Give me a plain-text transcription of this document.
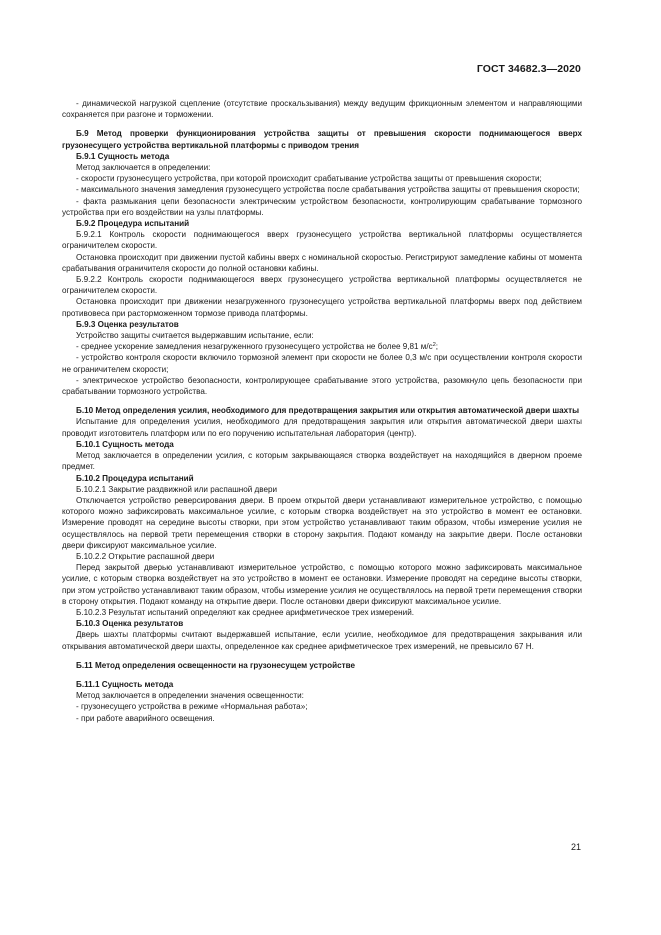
ГОСТ 34682.3—2020

- динамической нагрузкой сцепление (отсутствие проскальзывания) между ведущим фрикционным элементом и направляющими сохраняется при разгоне и торможении.

Б.9 Метод проверки функционирования устройства защиты от превышения скорости поднимающегося вверх грузонесущего устройства вертикальной платформы с приводом трения

Б.9.1 Сущность метода

Метод заключается в определении:

- скорости грузонесущего устройства, при которой происходит срабатывание устройства защиты от превышения скорости;

- максимального значения замедления грузонесущего устройства после срабатывания устройства защиты от превышения скорости;

- факта размыкания цепи безопасности электрическим устройством безопасности, контролирующим срабатывание тормозного устройства при его воздействии на узлы платформы.

Б.9.2 Процедура испытаний

Б.9.2.1 Контроль скорости поднимающегося вверх грузонесущего устройства вертикальной платформы осуществляется ограничителем скорости.

Остановка происходит при движении пустой кабины вверх с номинальной скоростью. Регистрируют замедление кабины от момента срабатывания ограничителя скорости до полной остановки кабины.

Б.9.2.2 Контроль скорости поднимающегося вверх грузонесущего устройства вертикальной платформы осуществляется не ограничителем скорости.

Остановка происходит при движении незагруженного грузонесущего устройства вертикальной платформы вверх под действием противовеса при расторможенном тормозе привода платформы.

Б.9.3 Оценка результатов

Устройство защиты считается выдержавшим испытание, если:

- среднее ускорение замедления незагруженного грузонесущего устройства не более 9,81 $м/с^2$;

- устройство контроля скорости включило тормозной элемент при скорости не более 0,3 м/с при осуществлении контроля скорости не ограничителем скорости;

- электрическое устройство безопасности, контролирующее срабатывание этого устройства, разомкнуло цепь безопасности при срабатывании тормозного устройства.

Б.10 Метод определения усилия, необходимого для предотвращения закрытия или открытия автоматической двери шахты

Испытание для определения усилия, необходимого для предотвращения закрытия или открытия автоматической двери шахты проводит изготовитель платформ или по его поручению испытательная лаборатория (центр).

Б.10.1 Сущность метода

Метод заключается в определении усилия, с которым закрывающаяся створка воздействует на находящийся в дверном проеме предмет.

Б.10.2 Процедура испытаний

Б.10.2.1 Закрытие раздвижной или распашной двери

Отключается устройство реверсирования двери. В проем открытой двери устанавливают измерительное устройство, с помощью которого можно зафиксировать максимальное усилие, с которым створка воздействует на это устройство в момент ее остановки. Измерение проводят на середине высоты створки, при этом устройство устанавливают таким образом, чтобы измерение усилия не осуществлялось на первой трети перемещения створки в сторону закрытия. Подают команду на закрытие двери. После остановки двери фиксируют максимальное усилие.

Б.10.2.2 Открытие распашной двери

Перед закрытой дверью устанавливают измерительное устройство, с помощью которого можно зафиксировать максимальное усилие, с которым створка воздействует на это устройство в момент ее остановки. Измерение проводят на середине высоты створки, при этом устройство устанавливают таким образом, чтобы измерение усилия не осуществлялось на первой трети перемещения створки в сторону открытия. Подают команду на открытие двери. После остановки двери фиксируют максимальное усилие.

Б.10.2.3 Результат испытаний определяют как среднее арифметическое трех измерений.

Б.10.3 Оценка результатов

Дверь шахты платформы считают выдержавшей испытание, если усилие, необходимое для предотвращения закрывания или открывания автоматической двери шахты, определенное как среднее арифметическое трех измерений, не превысило 67 Н.

Б.11 Метод определения освещенности на грузонесущем устройстве

Б.11.1 Сущность метода

Метод заключается в определении значения освещенности:

- грузонесущего устройства в режиме «Нормальная работа»;

- при работе аварийного освещения.

21
